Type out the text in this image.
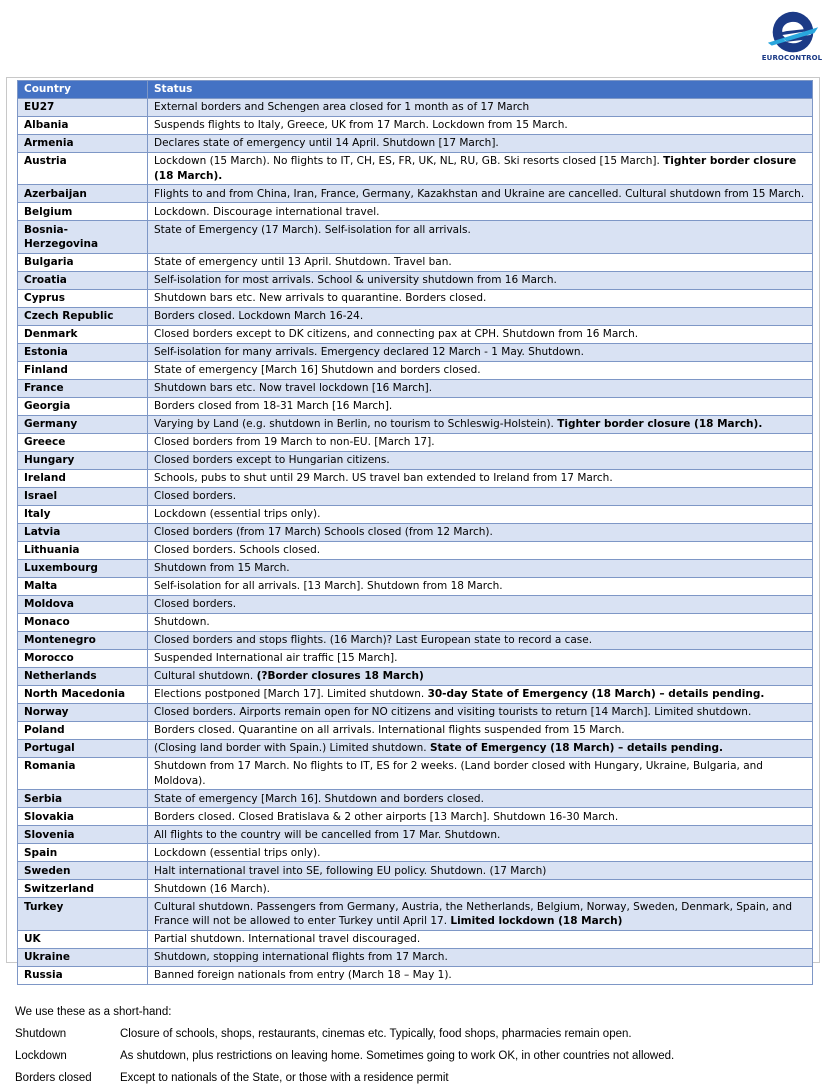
EUROCONTROL
Country	Status
EU27	External borders and Schengen area closed for 1 month as of 17 March
Albania	Suspends flights to Italy, Greece, UK from 17 March. Lockdown from 15 March.
Armenia	Declares state of emergency until 14 April. Shutdown [17 March].
Austria	Lockdown (15 March). No flights to IT, CH, ES, FR, UK, NL, RU, GB. Ski resorts closed [15 March]. Tighter border closure (18 March).
Azerbaijan	Flights to and from China, Iran, France, Germany, Kazakhstan and Ukraine are cancelled. Cultural shutdown from 15 March.
Belgium	Lockdown. Discourage international travel.
Bosnia-Herzegovina	State of Emergency (17 March). Self-isolation for all arrivals.
Bulgaria	State of emergency until 13 April. Shutdown. Travel ban.
Croatia	Self-isolation for most arrivals. School & university shutdown from 16 March.
Cyprus	Shutdown bars etc. New arrivals to quarantine. Borders closed.
Czech Republic	Borders closed. Lockdown March 16-24.
Denmark	Closed borders except to DK citizens, and connecting pax at CPH. Shutdown from 16 March.
Estonia	Self-isolation for many arrivals. Emergency declared 12 March - 1 May. Shutdown.
Finland	State of emergency [March 16] Shutdown and borders closed.
France	Shutdown bars etc. Now travel lockdown [16 March].
Georgia	Borders closed from 18-31 March [16 March].
Germany	Varying by Land (e.g. shutdown in Berlin, no tourism to Schleswig-Holstein). Tighter border closure (18 March).
Greece	Closed borders from 19 March to non-EU. [March 17].
Hungary	Closed borders except to Hungarian citizens.
Ireland	Schools, pubs to shut until 29 March. US travel ban extended to Ireland from 17 March.
Israel	Closed borders.
Italy	Lockdown (essential trips only).
Latvia	Closed borders (from 17 March) Schools closed (from 12 March).
Lithuania	Closed borders. Schools closed.
Luxembourg	Shutdown from 15 March.
Malta	Self-isolation for all arrivals. [13 March]. Shutdown from 18 March.
Moldova	Closed borders.
Monaco	Shutdown.
Montenegro	Closed borders and stops flights. (16 March)? Last European state to record a case.
Morocco	Suspended International air traffic [15 March].
Netherlands	Cultural shutdown. (?Border closures 18 March)
North Macedonia	Elections postponed [March 17]. Limited shutdown. 30-day State of Emergency (18 March) – details pending.
Norway	Closed borders. Airports remain open for NO citizens and visiting tourists to return [14 March]. Limited shutdown.
Poland	Borders closed. Quarantine on all arrivals. International flights suspended from 15 March.
Portugal	(Closing land border with Spain.) Limited shutdown. State of Emergency (18 March) – details pending.
Romania	Shutdown from 17 March. No flights to IT, ES for 2 weeks. (Land border closed with Hungary, Ukraine, Bulgaria, and Moldova).
Serbia	State of emergency [March 16]. Shutdown and borders closed.
Slovakia	Borders closed. Closed Bratislava & 2 other airports [13 March]. Shutdown 16-30 March.
Slovenia	All flights to the country will be cancelled from 17 Mar. Shutdown.
Spain	Lockdown (essential trips only).
Sweden	Halt international travel into SE, following EU policy. Shutdown. (17 March)
Switzerland	Shutdown (16 March).
Turkey	Cultural shutdown. Passengers from Germany, Austria, the Netherlands, Belgium, Norway, Sweden, Denmark, Spain, and France will not be allowed to enter Turkey until April 17. Limited lockdown (18 March)
UK	Partial shutdown. International travel discouraged.
Ukraine	Shutdown, stopping international flights from 17 March.
Russia	Banned foreign nationals from entry (March 18 – May 1).
We use these as a short-hand:
Shutdown	Closure of schools, shops, restaurants, cinemas etc. Typically, food shops, pharmacies remain open.
Lockdown	As shutdown, plus restrictions on leaving home. Sometimes going to work OK, in other countries not allowed.
Borders closed	Except to nationals of the State, or those with a residence permit
